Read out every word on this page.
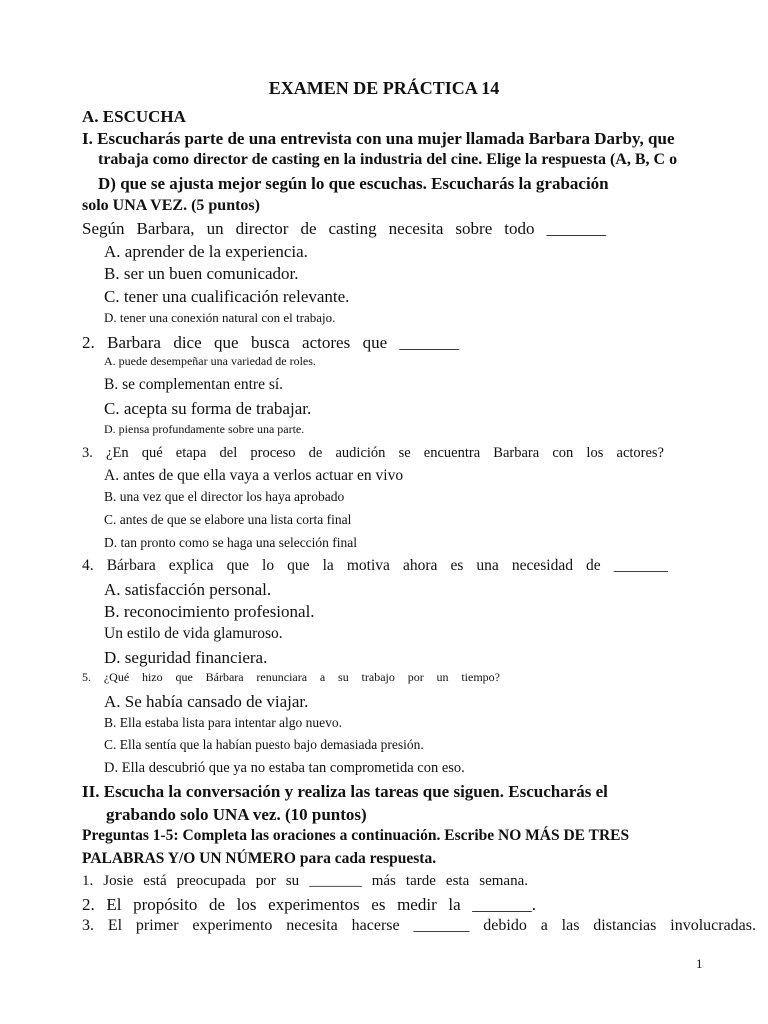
EXAMEN DE PRÁCTICA 14
A. ESCUCHA
I. Escucharás parte de una entrevista con una mujer llamada Barbara Darby, que
trabaja como director de casting en la industria del cine. Elige la respuesta (A, B, C o
D) que se ajusta mejor según lo que escuchas. Escucharás la grabación
solo UNA VEZ. (5 puntos)
Según Barbara, un director de casting necesita sobre todo _______
A. aprender de la experiencia.
B. ser un buen comunicador.
C. tener una cualificación relevante.
D. tener una conexión natural con el trabajo.
2. Barbara dice que busca actores que _______
A. puede desempeñar una variedad de roles.
B. se complementan entre sí.
C. acepta su forma de trabajar.
D. piensa profundamente sobre una parte.
3. ¿En qué etapa del proceso de audición se encuentra Barbara con los actores?
A. antes de que ella vaya a verlos actuar en vivo
B. una vez que el director los haya aprobado
C. antes de que se elabore una lista corta final
D. tan pronto como se haga una selección final
4. Bárbara explica que lo que la motiva ahora es una necesidad de _______
A. satisfacción personal.
B. reconocimiento profesional.
Un estilo de vida glamuroso.
D. seguridad financiera.
5. ¿Qué hizo que Bárbara renunciara a su trabajo por un tiempo?
A. Se había cansado de viajar.
B. Ella estaba lista para intentar algo nuevo.
C. Ella sentía que la habían puesto bajo demasiada presión.
D. Ella descubrió que ya no estaba tan comprometida con eso.
II. Escucha la conversación y realiza las tareas que siguen. Escucharás el
grabando solo UNA vez. (10 puntos)
Preguntas 1-5: Completa las oraciones a continuación. Escribe NO MÁS DE TRES
PALABRAS Y/O UN NÚMERO para cada respuesta.
1. Josie está preocupada por su _______ más tarde esta semana.
2. El propósito de los experimentos es medir la _______.
3. El primer experimento necesita hacerse _______ debido a las distancias involucradas.
1
